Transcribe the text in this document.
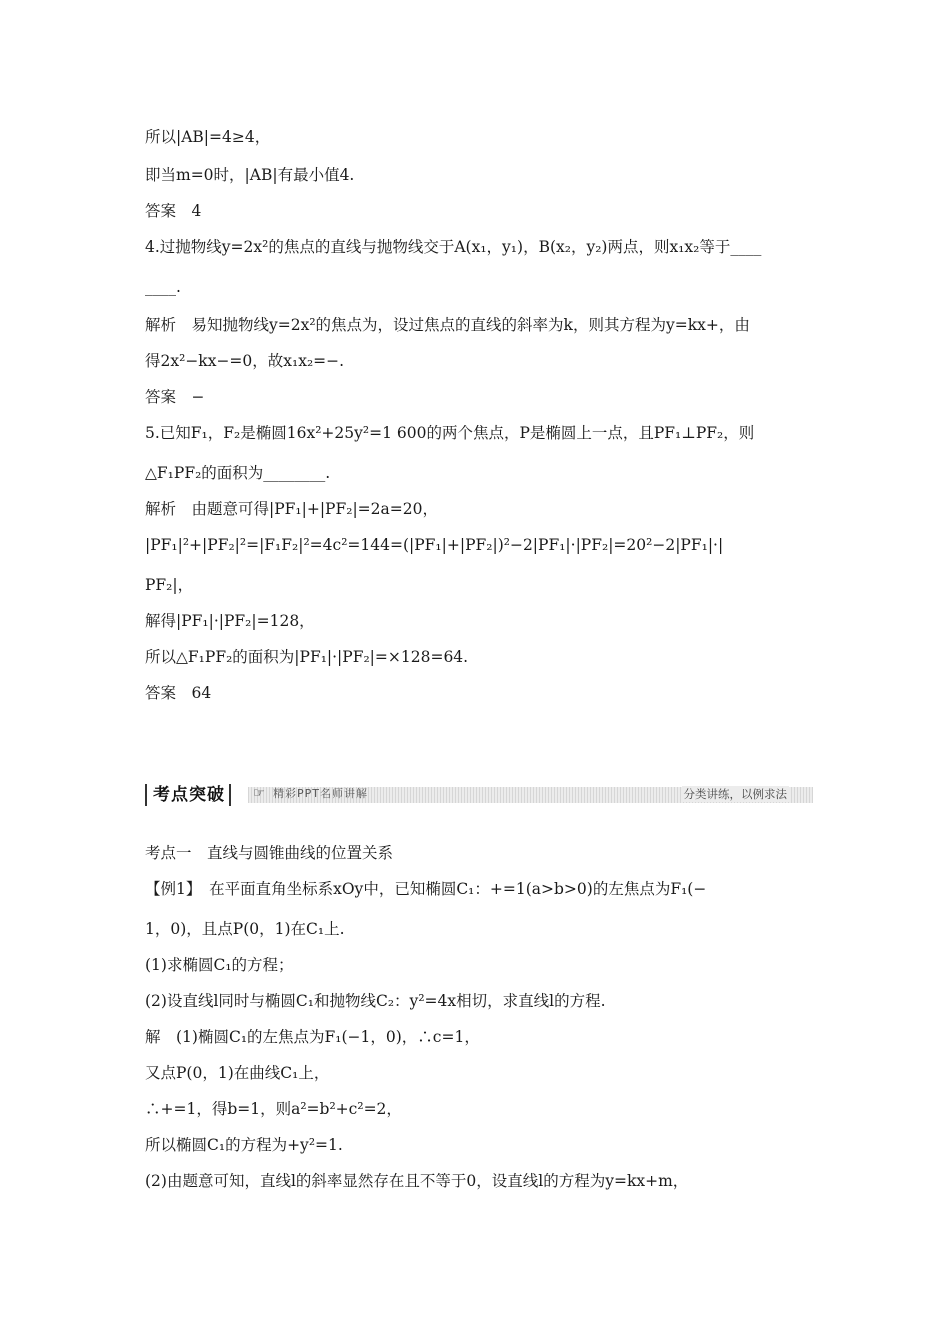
所以|AB|=4≥4，
即当m=0时，|AB|有最小值4.
答案　4
4.过抛物线y=2x²的焦点的直线与抛物线交于A(x₁，y₁)，B(x₂，y₂)两点，则x₁x₂等于____
____.
解析　易知抛物线y=2x²的焦点为，设过焦点的直线的斜率为k，则其方程为y=kx+，由
得2x²−kx−=0，故x₁x₂=−.
答案　−
5.已知F₁，F₂是椭圆16x²+25y²=1 600的两个焦点，P是椭圆上一点，且PF₁⊥PF₂，则
△F₁PF₂的面积为________.
解析　由题意可得|PF₁|+|PF₂|=2a=20，
|PF₁|²+|PF₂|²=|F₁F₂|²=4c²=144=(|PF₁|+|PF₂|)²−2|PF₁|·|PF₂|=20²−2|PF₁|·|
PF₂|，
解得|PF₁|·|PF₂|=128，
所以△F₁PF₂的面积为|PF₁|·|PF₂|=×128=64.
答案　64
考点突破	☞ 精彩PPT名师讲解	分类讲练，以例求法
考点一　直线与圆锥曲线的位置关系
【例1】　在平面直角坐标系xOy中，已知椭圆C₁：+=1(a>b>0)的左焦点为F₁(−
1，0)，且点P(0，1)在C₁上.
(1)求椭圆C₁的方程；
(2)设直线l同时与椭圆C₁和抛物线C₂：y²=4x相切，求直线l的方程.
解　(1)椭圆C₁的左焦点为F₁(−1，0)，∴c=1，
又点P(0，1)在曲线C₁上，
∴+=1，得b=1，则a²=b²+c²=2，
所以椭圆C₁的方程为+y²=1.
(2)由题意可知，直线l的斜率显然存在且不等于0，设直线l的方程为y=kx+m，
